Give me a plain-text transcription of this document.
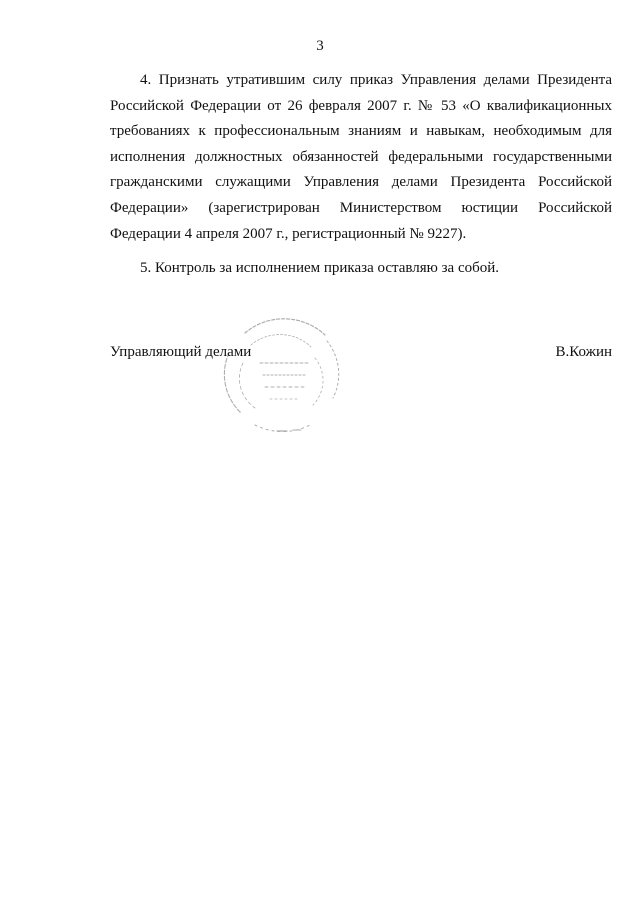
3

4. Признать утратившим силу приказ Управления делами Президента Российской Федерации от 26 февраля 2007 г. № 53 «О квалификационных требованиях к профессиональным знаниям и навыкам, необходимым для исполнения должностных обязанностей федеральными государственными гражданскими служащими Управления делами Президента Российской Федерации» (зарегистрирован Министерством юстиции Российской Федерации 4 апреля 2007 г., регистрационный № 9227).

5. Контроль за исполнением приказа оставляю за собой.

Управляющий делами	В.Кожин
